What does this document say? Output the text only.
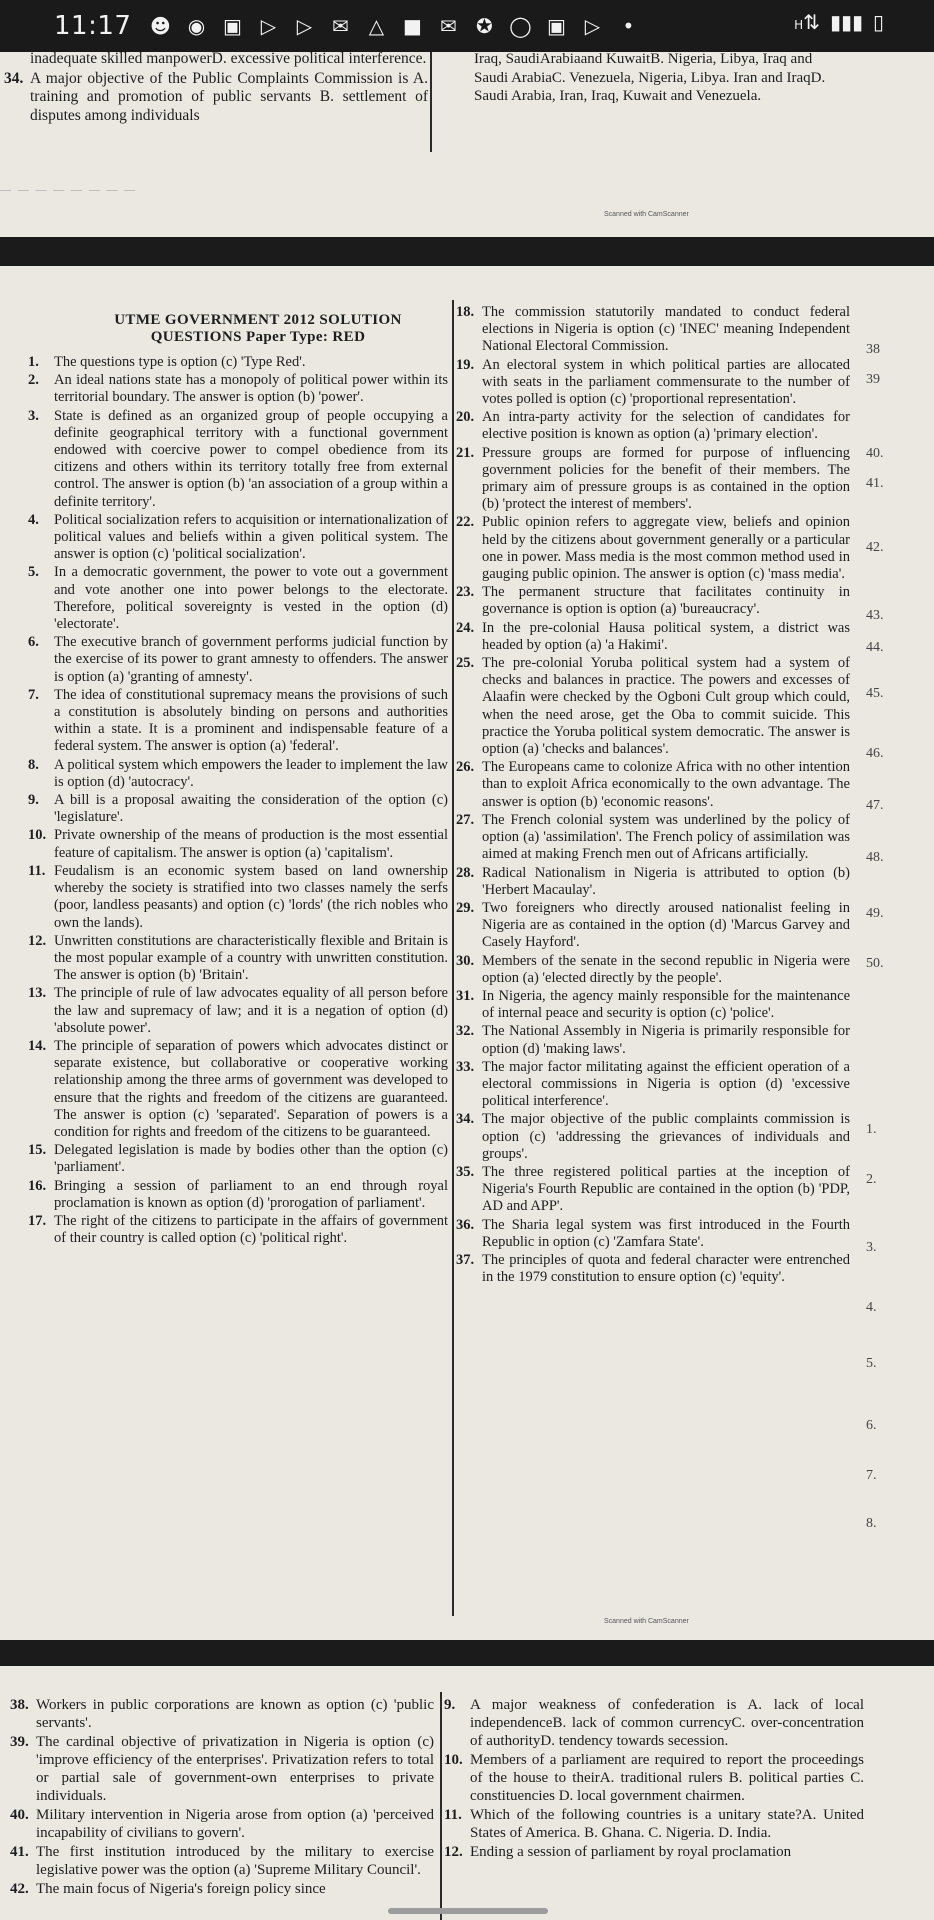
11:17 ☻ ◉ ▣ ▷ ▷ ✉ △ ■ ✉ ✪ ◯ ▣ ▷	•	H⇅ ▮▮▮ ▯
inadequate skilled manpowerD. excessive political interference.
34. A major objective of the Public Complaints Commission is A. training and promotion of public servants B. settlement of disputes among individuals
Iraq, SaudiArabiaand KuwaitB. Nigeria, Libya, Iraq and Saudi ArabiaC. Venezuela, Nigeria, Libya. Iran and IraqD. Saudi Arabia, Iran, Iraq, Kuwait and Venezuela.
— — — — — — — —
Scanned with CamScanner
UTME GOVERNMENT 2012 SOLUTION
QUESTIONS Paper Type: RED
1. The questions type is option (c) 'Type Red'.
2. An ideal nations state has a monopoly of political power within its territorial boundary. The answer is option (b) 'power'.
3. State is defined as an organized group of people occupying a definite geographical territory with a functional government endowed with coercive power to compel obedience from its citizens and others within its territory totally free from external control. The answer is option (b) 'an association of a group within a definite territory'.
4. Political socialization refers to acquisition or internationalization of political values and beliefs within a given political system. The answer is option (c) 'political socialization'.
5. In a democratic government, the power to vote out a government and vote another one into power belongs to the electorate. Therefore, political sovereignty is vested in the option (d) 'electorate'.
6. The executive branch of government performs judicial function by the exercise of its power to grant amnesty to offenders. The answer is option (a) 'granting of amnesty'.
7. The idea of constitutional supremacy means the provisions of such a constitution is absolutely binding on persons and authorities within a state. It is a prominent and indispensable feature of a federal system. The answer is option (a) 'federal'.
8. A political system which empowers the leader to implement the law is option (d) 'autocracy'.
9. A bill is a proposal awaiting the consideration of the option (c) 'legislature'.
10. Private ownership of the means of production is the most essential feature of capitalism. The answer is option (a) 'capitalism'.
11. Feudalism is an economic system based on land ownership whereby the society is stratified into two classes namely the serfs (poor, landless peasants) and option (c) 'lords' (the rich nobles who own the lands).
12. Unwritten constitutions are characteristically flexible and Britain is the most popular example of a country with unwritten constitution. The answer is option (b) 'Britain'.
13. The principle of rule of law advocates equality of all person before the law and supremacy of law; and it is a negation of option (d) 'absolute power'.
14. The principle of separation of powers which advocates distinct or separate existence, but collaborative or cooperative working relationship among the three arms of government was developed to ensure that the rights and freedom of the citizens are guaranteed. The answer is option (c) 'separated'. Separation of powers is a condition for rights and freedom of the citizens to be guaranteed.
15. Delegated legislation is made by bodies other than the option (c) 'parliament'.
16. Bringing a session of parliament to an end through royal proclamation is known as option (d) 'prorogation of parliament'.
17. The right of the citizens to participate in the affairs of government of their country is called option (c) 'political right'.
18. The commission statutorily mandated to conduct federal elections in Nigeria is option (c) 'INEC' meaning Independent National Electoral Commission.
19. An electoral system in which political parties are allocated with seats in the parliament commensurate to the number of votes polled is option (c) 'proportional representation'.
20. An intra-party activity for the selection of candidates for elective position is known as option (a) 'primary election'.
21. Pressure groups are formed for purpose of influencing government policies for the benefit of their members. The primary aim of pressure groups is as contained in the option (b) 'protect the interest of members'.
22. Public opinion refers to aggregate view, beliefs and opinion held by the citizens about government generally or a particular one in power. Mass media is the most common method used in gauging public opinion. The answer is option (c) 'mass media'.
23. The permanent structure that facilitates continuity in governance is option is option (a) 'bureaucracy'.
24. In the pre-colonial Hausa political system, a district was headed by option (a) 'a Hakimi'.
25. The pre-colonial Yoruba political system had a system of checks and balances in practice. The powers and excesses of Alaafin were checked by the Ogboni Cult group which could, when the need arose, get the Oba to commit suicide. This practice the Yoruba political system democratic. The answer is option (a) 'checks and balances'.
26. The Europeans came to colonize Africa with no other intention than to exploit Africa economically to the own advantage. The answer is option (b) 'economic reasons'.
27. The French colonial system was underlined by the policy of option (a) 'assimilation'. The French policy of assimilation was aimed at making French men out of Africans artificially.
28. Radical Nationalism in Nigeria is attributed to option (b) 'Herbert Macaulay'.
29. Two foreigners who directly aroused nationalist feeling in Nigeria are as contained in the option (d) 'Marcus Garvey and Casely Hayford'.
30. Members of the senate in the second republic in Nigeria were option (a) 'elected directly by the people'.
31. In Nigeria, the agency mainly responsible for the maintenance of internal peace and security is option (c) 'police'.
32. The National Assembly in Nigeria is primarily responsible for option (d) 'making laws'.
33. The major factor militating against the efficient operation of a electoral commissions in Nigeria is option (d) 'excessive political interference'.
34. The major objective of the public complaints commission is option (c) 'addressing the grievances of individuals and groups'.
35. The three registered political parties at the inception of Nigeria's Fourth Republic are contained in the option (b) 'PDP, AD and APP'.
36. The Sharia legal system was first introduced in the Fourth Republic in option (c) 'Zamfara State'.
37. The principles of quota and federal character were entrenched in the 1979 constitution to ensure option (c) 'equity'.
38
39
40.
41.
42.
43.
44.
45.
46.
47.
48.
49.
50.
1.
2.
3.
4.
5.
6.
7.
8.
Scanned with CamScanner
38. Workers in public corporations are known as option (c) 'public servants'.
39. The cardinal objective of privatization in Nigeria is option (c) 'improve efficiency of the enterprises'. Privatization refers to total or partial sale of government-own enterprises to private individuals.
40. Military intervention in Nigeria arose from option (a) 'perceived incapability of civilians to govern'.
41. The first institution introduced by the military to exercise legislative power was the option (a) 'Supreme Military Council'.
42. The main focus of Nigeria's foreign policy since
9. A major weakness of confederation is A. lack of local independenceB. lack of common currencyC. over-concentration of authorityD. tendency towards secession.
10. Members of a parliament are required to report the proceedings of the house to theirA. traditional rulers B. political parties C. constituencies D. local government chairmen.
11. Which of the following countries is a unitary state?A. United States of America. B. Ghana. C. Nigeria. D. India.
12. Ending a session of parliament by royal proclamation
